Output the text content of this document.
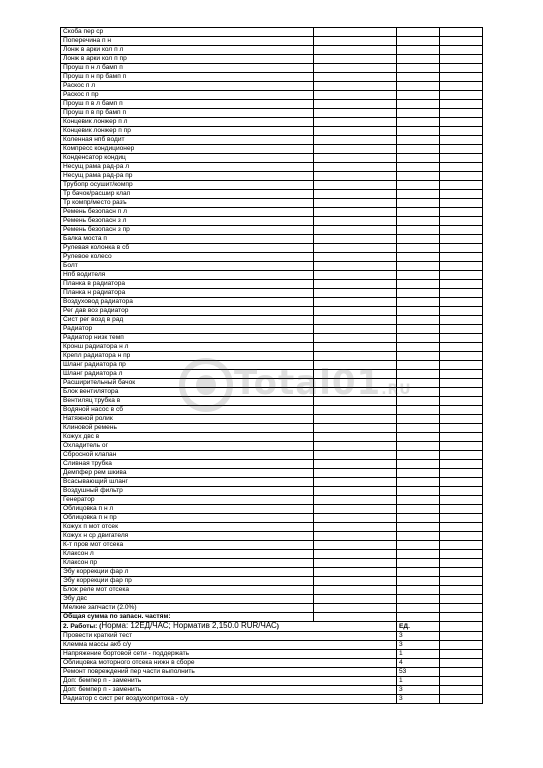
Скоба пер ср			
Поперечина п н			
Лонж в арки кол п л			
Лонж в арки кол п пр			
Проуш п н л бамп п			
Проуш п н пр бамп п			
Раскос п л			
Раскос п пр			
Проуш п в л бамп п			
Проуш п в пр бамп п			
Концевик лонжер п л			
Концевик лонжер п пр			
Коленная нпб водит			
Компресс кондиционер			
Конденсатор кондиц			
Несущ рама рад-ра л			
Несущ рама рад-ра пр			
Трубопр осушит/компр			
Тр бачок/расшир клап			
Тр компр/место разъ			
Ремень безопасн п л			
Ремень безопасн з л			
Ремень безопасн з пр			
Балка моста п			
Рулевая колонка в сб			
Рулевое колесо			
Болт			
Нпб водителя			
Планка в радиатора			
Планка н радиатора			
Воздуховод радиатора			
Рег дав воз радиатор			
Сист рег возд в рад			
Радиатор			
Радиатор низк темп			
Кронш радиатора н л			
Крепл радиатора н пр			
Шланг радиатора пр			
Шланг радиатора л			
Расширительный бачок			
Блок вентилятора			
Вентиляц трубка в			
Водяной насос в сб			
Натяжной ролик			
Клиновой ремень			
Кожух двс в			
Охладитель ог			
Сбросной клапан			
Сливная трубка			
Демпфер рем шкива			
Всасывающий шланг			
Воздушный фильтр			
Генератор			
Облицовка п н л			
Облицовка п н пр			
Кожух п мот отсек			
Кожух н ср двигателя			
К-т пров мот отсека			
Клаксон л			
Клаксон пр			
Эбу коррекции фар л			
Эбу коррекции фар пр			
Блок реле мот отсека			
Эбу двс			
Мелкие запчасти (2.0%)			
Общая сумма по запасн. частям:			
2. Работы: (Норма: 12ЕД/ЧАС; Норматив 2,150.0 RUR/ЧАС)		ЕД.	
Провести краткий тест		3	
Клемма массы акб с/у		3	
Напряжение бортовой сети - поддержать		1	
Облицовка моторного отсека нижн в сборе		4	
Ремонт повреждений пер части выполнить		53	
Доп: бемпер п - заменить		1	
Доп: бемпер п - заменить		3	
Радиатор с сист рег воздухопритока - с/у		3	
Total01.RU
